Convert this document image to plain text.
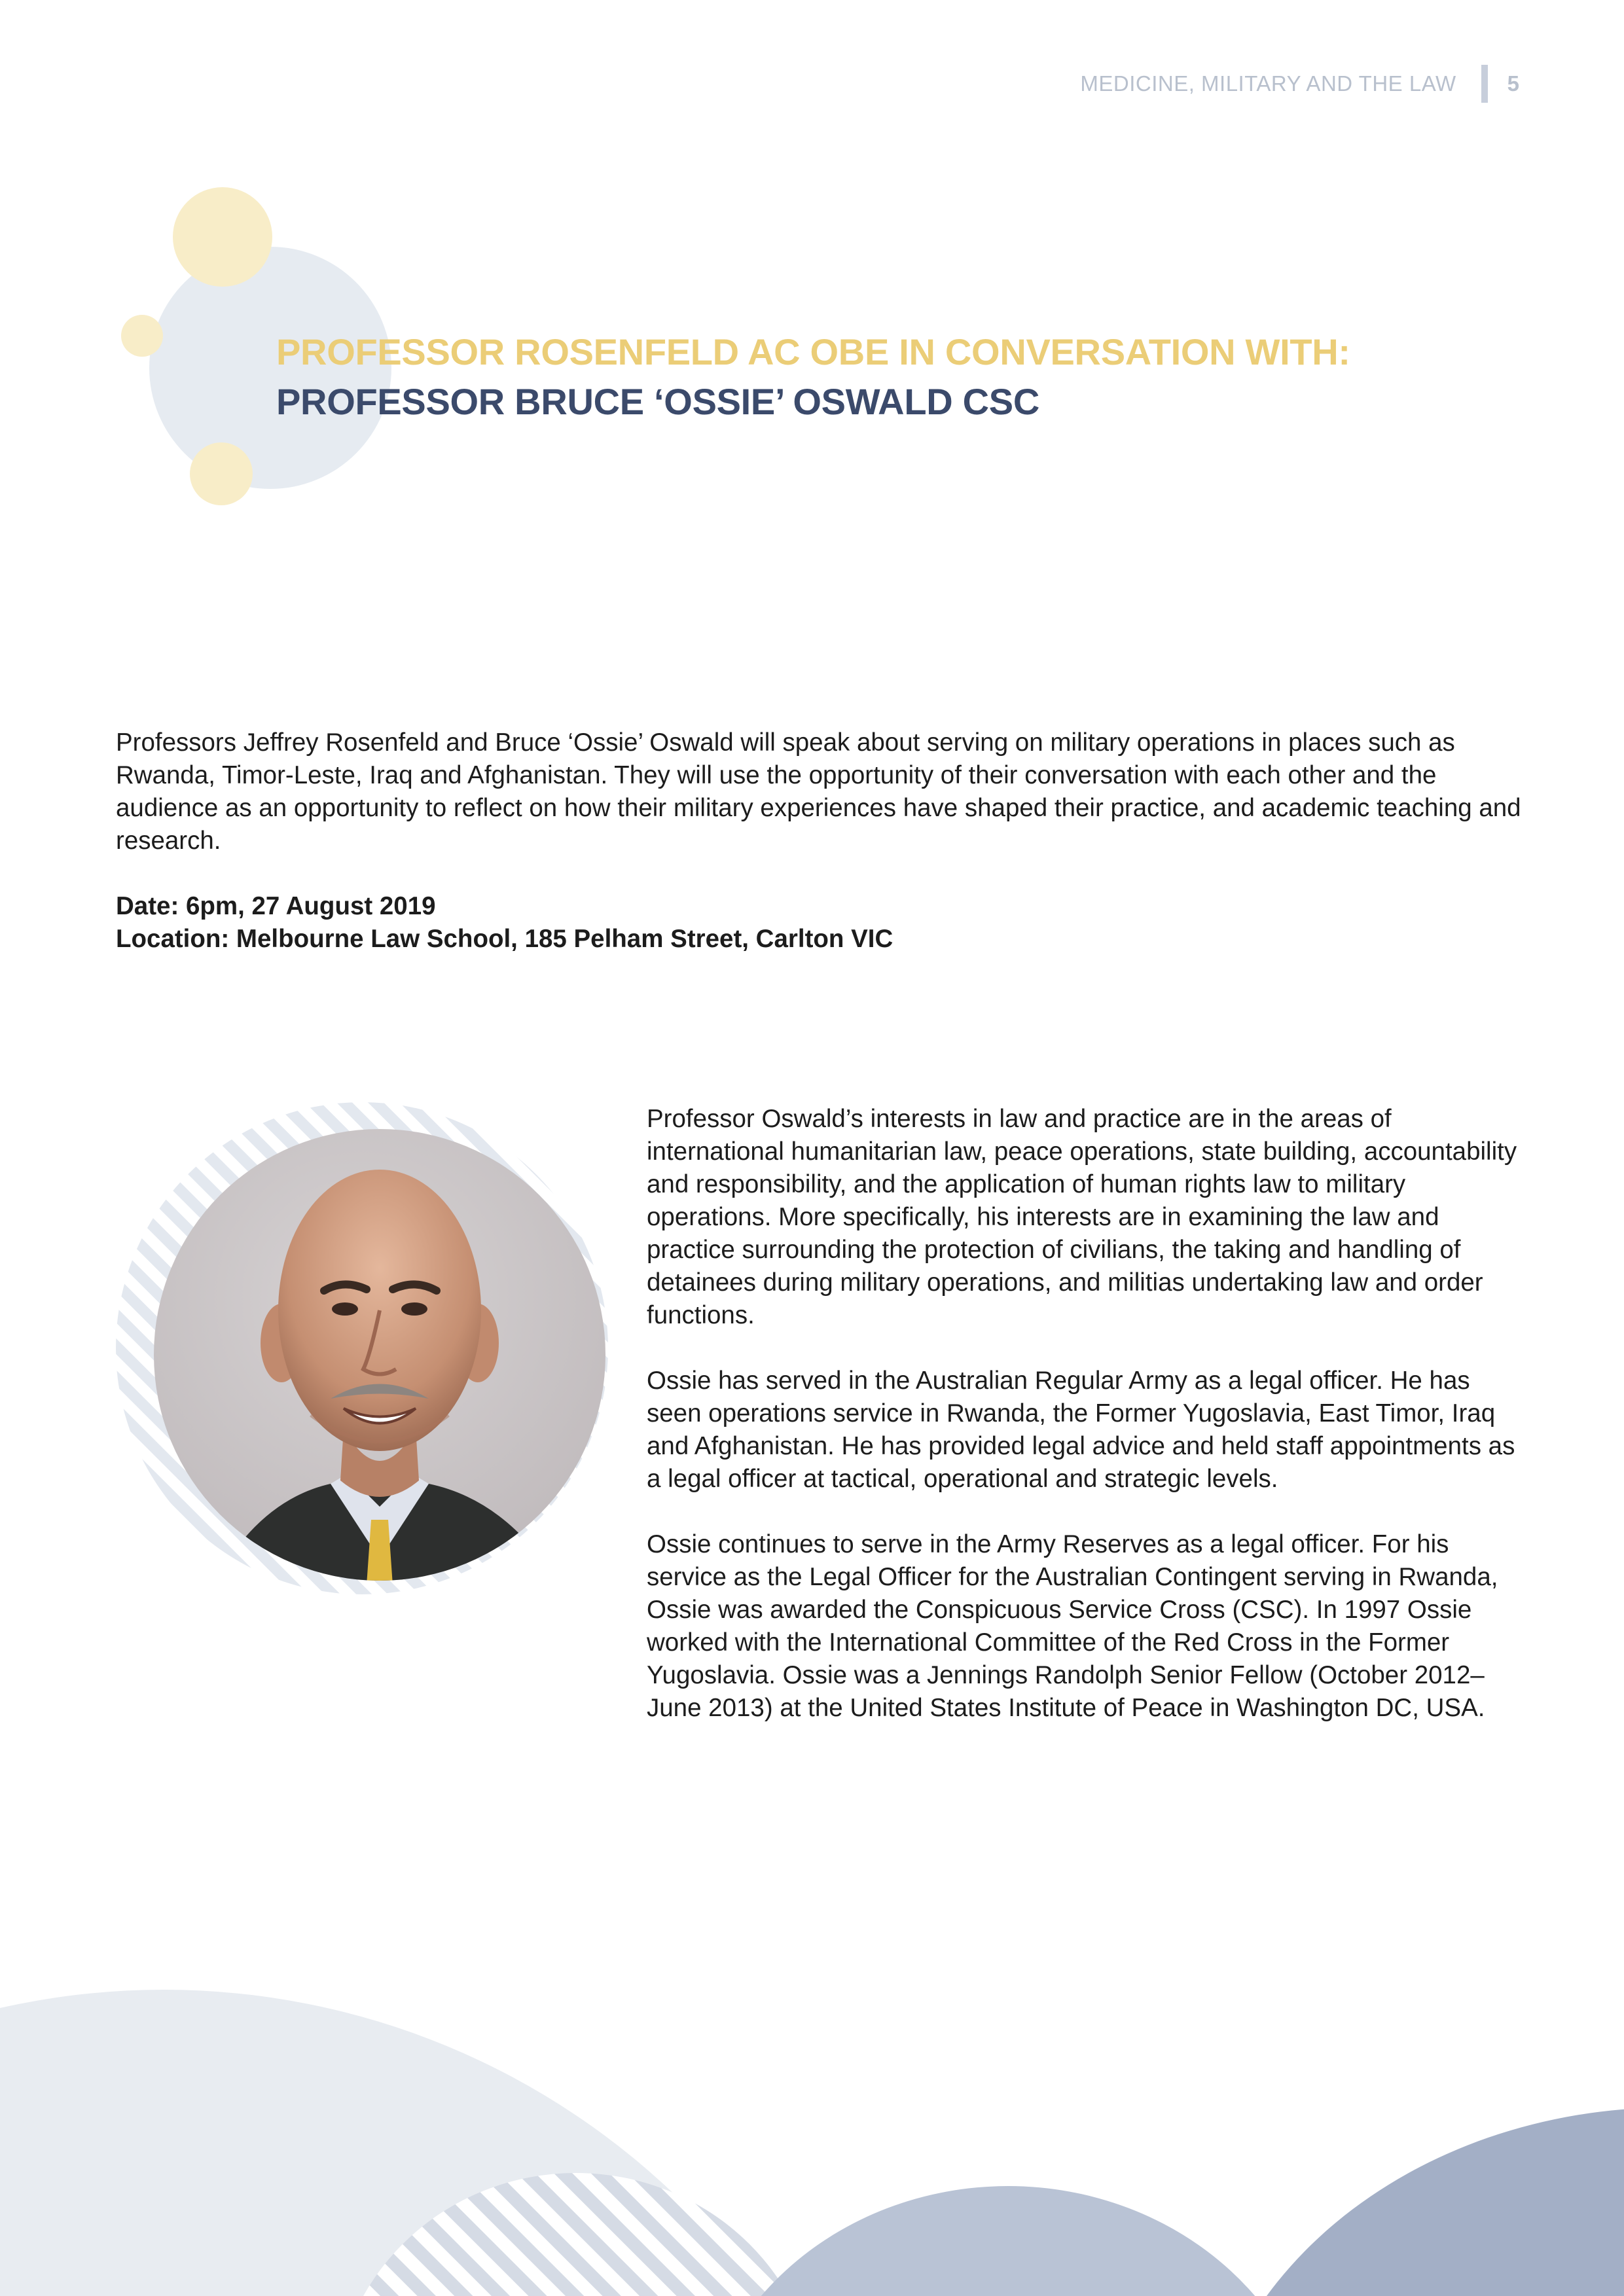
MEDICINE, MILITARY AND THE LAW 5
PROFESSOR ROSENFELD AC OBE IN CONVERSATION WITH:
PROFESSOR BRUCE ‘OSSIE’ OSWALD CSC

Professors Jeffrey Rosenfeld and Bruce ‘Ossie’ Oswald will speak about serving on military operations in places such as Rwanda, Timor-Leste, Iraq and Afghanistan. They will use the opportunity of their conversation with each other and the audience as an opportunity to reflect on how their military experiences have shaped their practice, and academic teaching and research.

Date: 6pm, 27 August 2019
Location: Melbourne Law School, 185 Pelham Street, Carlton VIC

Professor Oswald’s interests in law and practice are in the areas of international humanitarian law, peace operations, state building, accountability and responsibility, and the application of human rights law to military operations. More specifically, his interests are in examining the law and practice surrounding the protection of civilians, the taking and handling of detainees during military operations, and militias undertaking law and order functions.

Ossie has served in the Australian Regular Army as a legal officer. He has seen operations service in Rwanda, the Former Yugoslavia, East Timor, Iraq and Afghanistan. He has provided legal advice and held staff appointments as a legal officer at tactical, operational and strategic levels.

Ossie continues to serve in the Army Reserves as a legal officer. For his service as the Legal Officer for the Australian Contingent serving in Rwanda, Ossie was awarded the Conspicuous Service Cross (CSC). In 1997 Ossie worked with the International Committee of the Red Cross in the Former Yugoslavia. Ossie was a Jennings Randolph Senior Fellow (October 2012–June 2013) at the United States Institute of Peace in Washington DC, USA.
